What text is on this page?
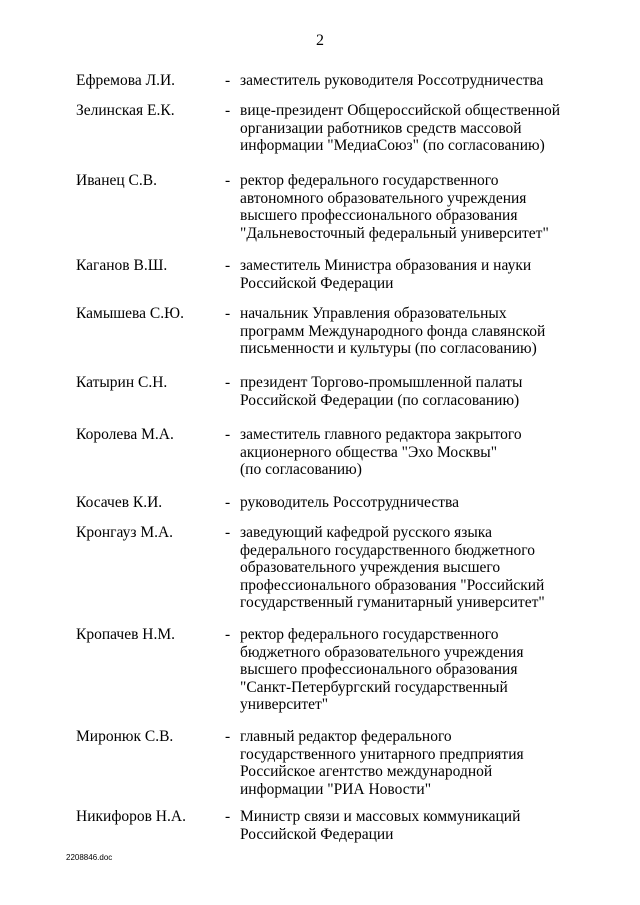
2
Ефремова Л.И.	- заместитель руководителя Россотрудничества
Зелинская Е.К.	- вице-президент Общероссийской общественной
организации работников средств массовой
информации "МедиаСоюз" (по согласованию)
Иванец С.В.	- ректор федерального государственного
автономного образовательного учреждения
высшего профессионального образования
"Дальневосточный федеральный университет"
Каганов В.Ш.	- заместитель Министра образования и науки
Российской Федерации
Камышева С.Ю.	- начальник Управления образовательных
программ Международного фонда славянской
письменности и культуры (по согласованию)
Катырин С.Н.	- президент Торгово-промышленной палаты
Российской Федерации (по согласованию)
Королева М.А.	- заместитель главного редактора закрытого
акционерного общества "Эхо Москвы"
(по согласованию)
Косачев К.И.	- руководитель Россотрудничества
Кронгауз М.А.	- заведующий кафедрой русского языка
федерального государственного бюджетного
образовательного учреждения высшего
профессионального образования "Российский
государственный гуманитарный университет"
Кропачев Н.М.	- ректор федерального государственного
бюджетного образовательного учреждения
высшего профессионального образования
"Санкт-Петербургский государственный
университет"
Миронюк С.В.	- главный редактор федерального
государственного унитарного предприятия
Российское агентство международной
информации "РИА Новости"
Никифоров Н.А.	- Министр связи и массовых коммуникаций
Российской Федерации
2208846.doc
